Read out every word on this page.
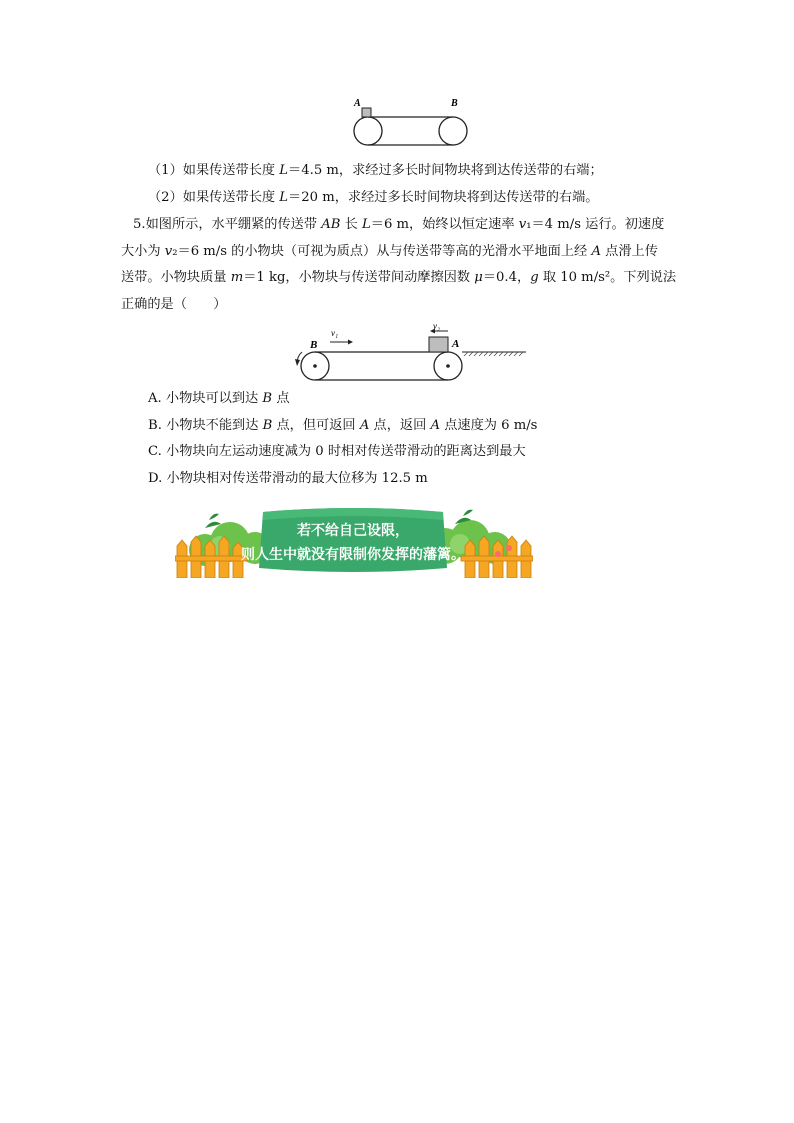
A	B
（1）如果传送带长度 L＝4.5 m，求经过多长时间物块将到达传送带的右端；
（2）如果传送带长度 L＝20 m，求经过多长时间物块将到达传送带的右端。
5.如图所示，水平绷紧的传送带 AB 长 L＝6 m，始终以恒定速率 v₁＝4 m/s 运行。初速度
大小为 v₂＝6 m/s 的小物块（可视为质点）从与传送带等高的光滑水平地面上经 A 点滑上传
送带。小物块质量 m＝1 kg，小物块与传送带间动摩擦因数 μ＝0.4，g 取 10 m/s²。下列说法
正确的是（　　）
B	A
v₁
v₂
A. 小物块可以到达 B 点
B. 小物块不能到达 B 点，但可返回 A 点，返回 A 点速度为 6 m/s
C. 小物块向左运动速度减为 0 时相对传送带滑动的距离达到最大
D. 小物块相对传送带滑动的最大位移为 12.5 m
若不给自己设限，
则人生中就没有限制你发挥的藩篱。
